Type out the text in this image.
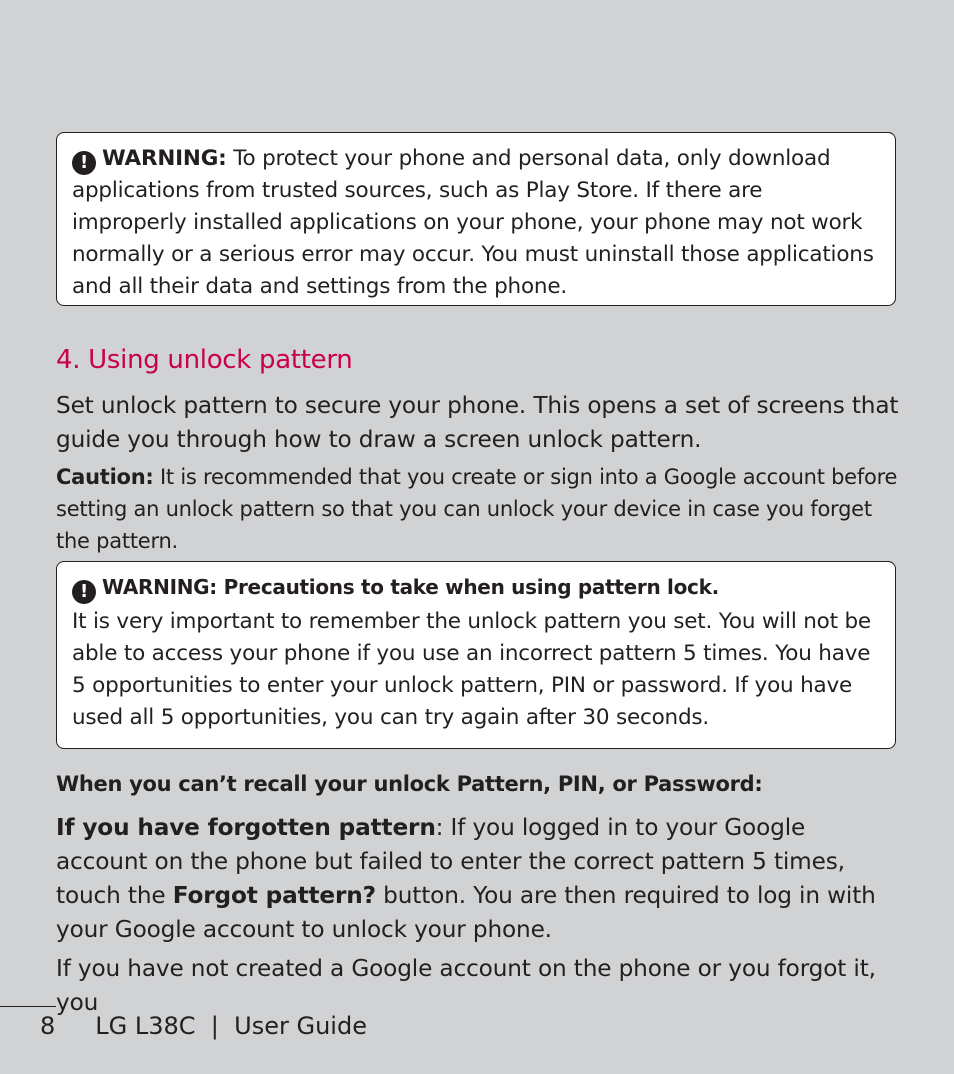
! WARNING: To protect your phone and personal data, only download applications from trusted sources, such as Play Store. If there are improperly installed applications on your phone, your phone may not work normally or a serious error may occur. You must uninstall those applications and all their data and settings from the phone.

4. Using unlock pattern

Set unlock pattern to secure your phone. This opens a set of screens that guide you through how to draw a screen unlock pattern.

Caution: It is recommended that you create or sign into a Google account before setting an unlock pattern so that you can unlock your device in case you forget the pattern.

! WARNING: Precautions to take when using pattern lock.

It is very important to remember the unlock pattern you set. You will not be able to access your phone if you use an incorrect pattern 5 times. You have 5 opportunities to enter your unlock pattern, PIN or password. If you have used all 5 opportunities, you can try again after 30 seconds.

When you can’t recall your unlock Pattern, PIN, or Password:

If you have forgotten pattern: If you logged in to your Google account on the phone but failed to enter the correct pattern 5 times, touch the Forgot pattern? button. You are then required to log in with your Google account to unlock your phone.

If you have not created a Google account on the phone or you forgot it, you

8 LG L38C  |  User Guide
